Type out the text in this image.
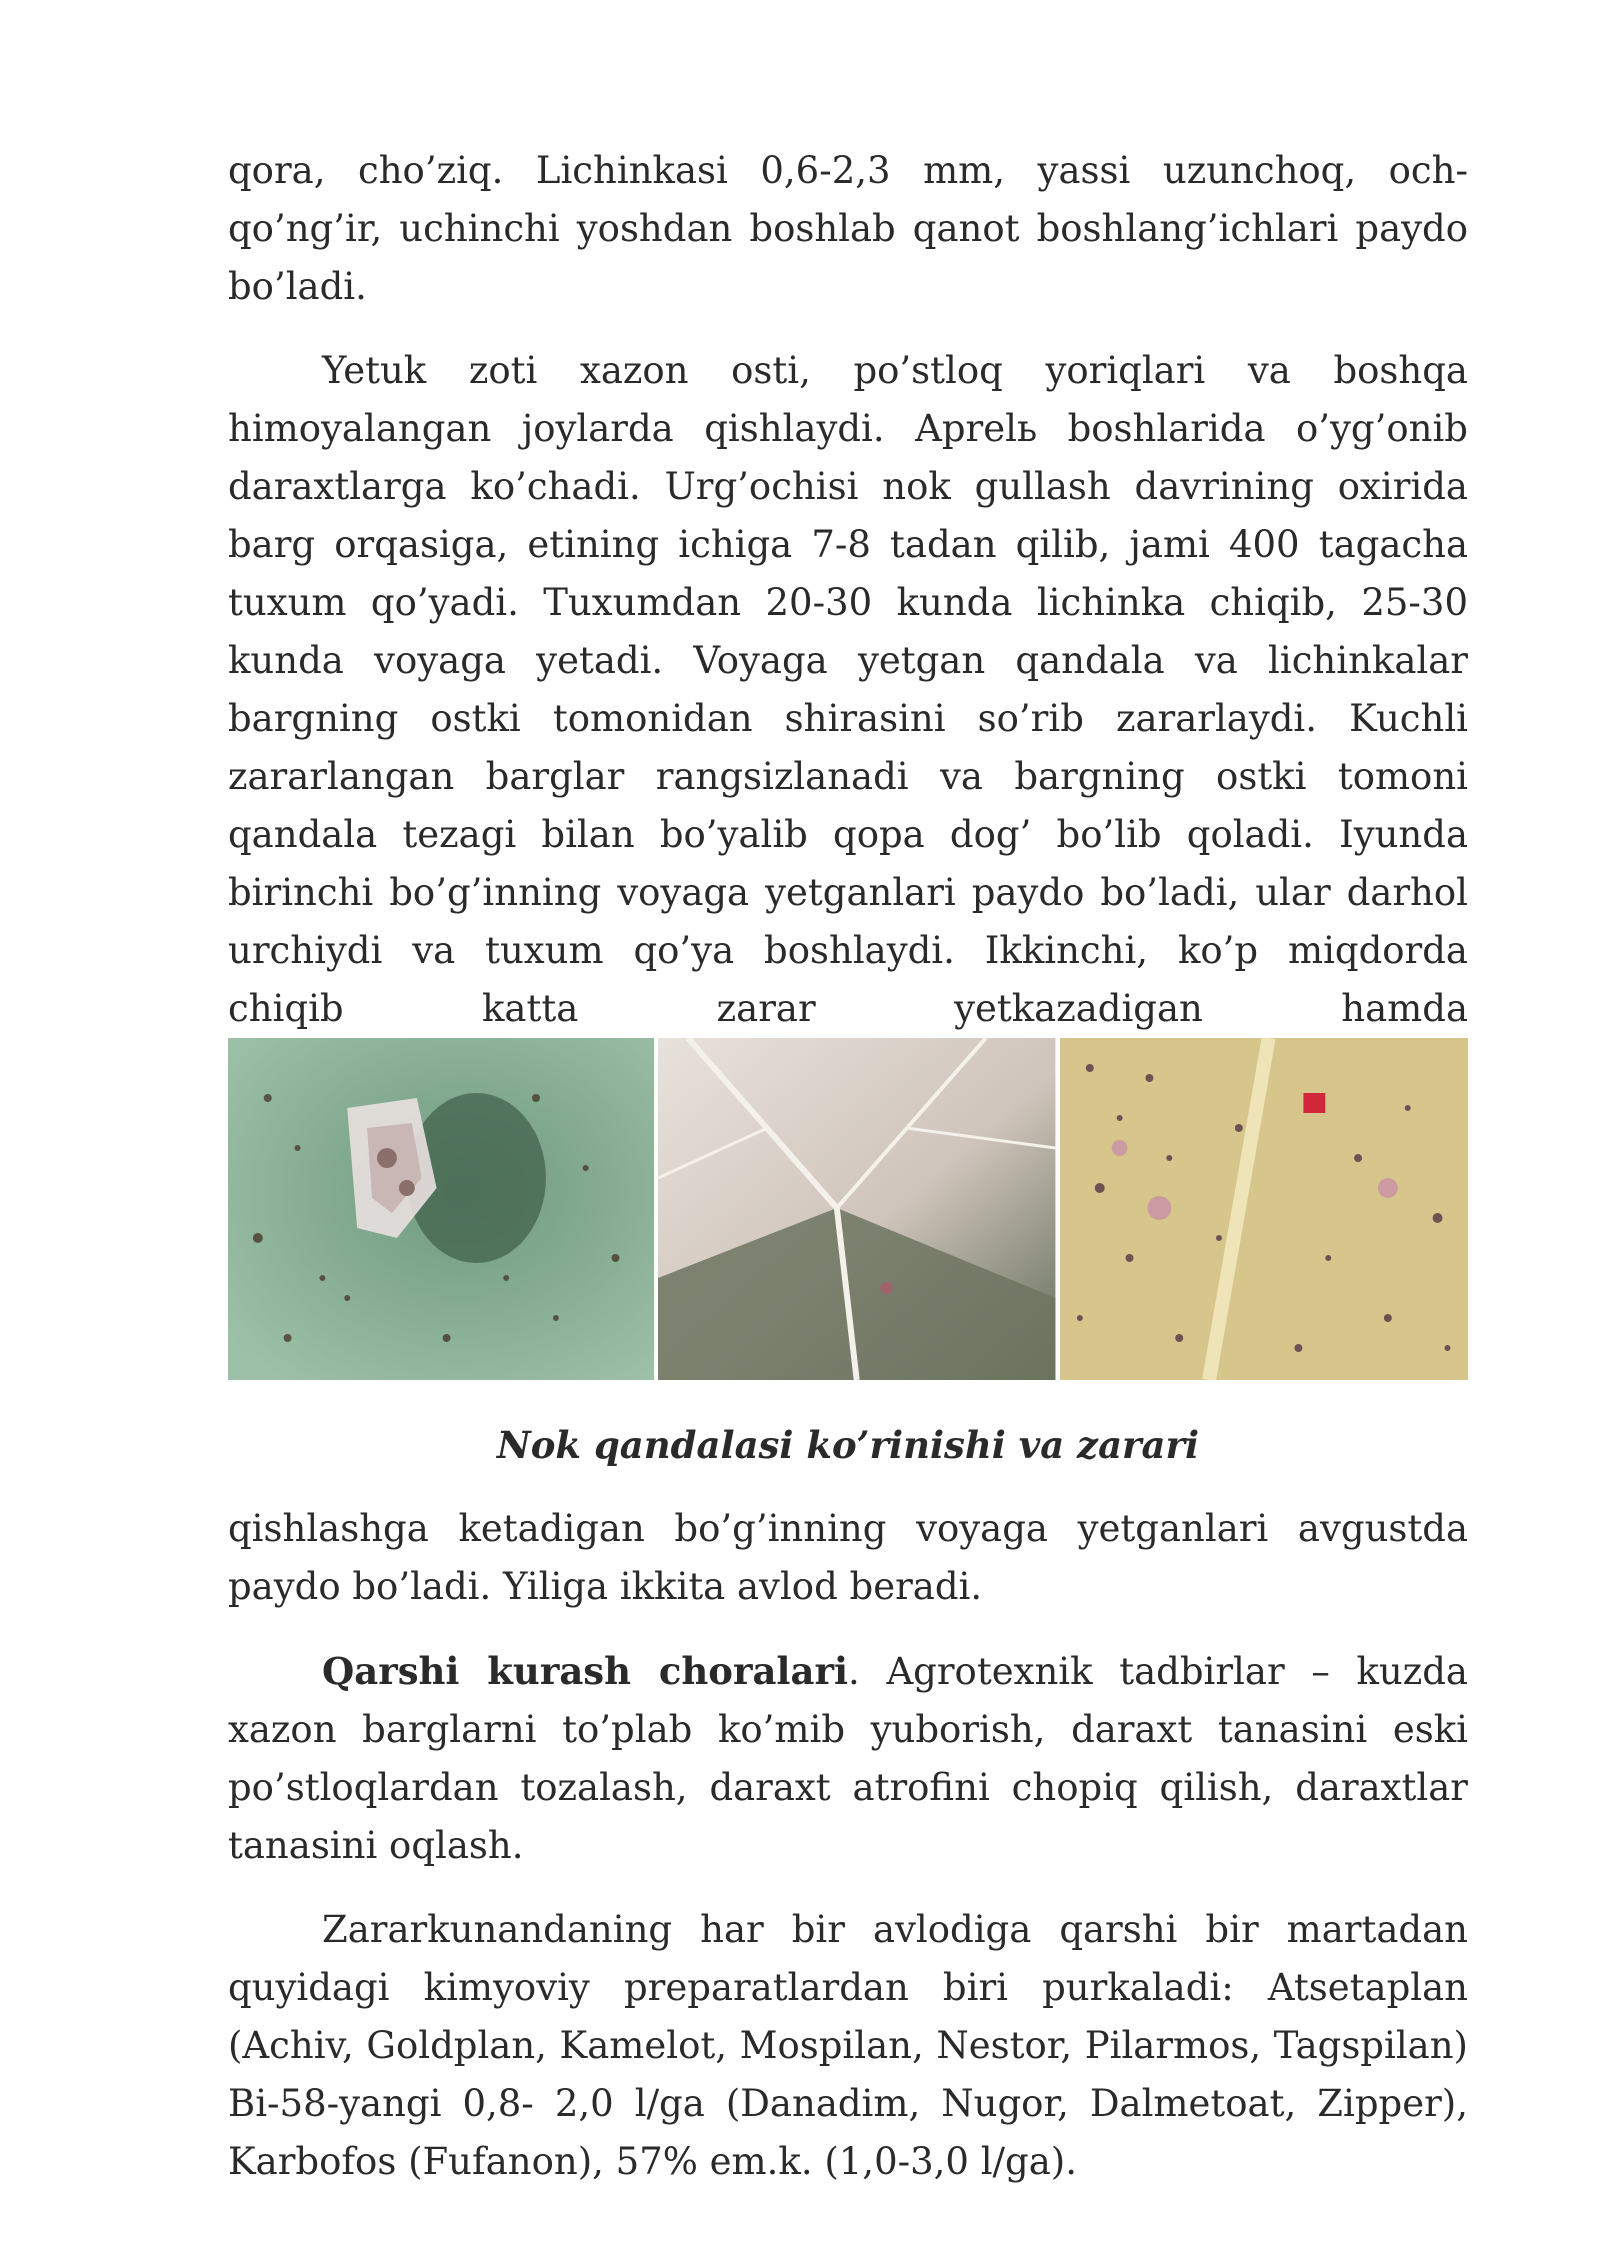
qora, cho’ziq. Lichinkasi 0,6-2,3 mm, yassi uzunchoq, och-qo’ng’ir, uchinchi yoshdan boshlab qanot boshlang’ichlari paydo bo’ladi.

Yetuk zoti xazon osti, po’stloq yoriqlari va boshqa himoyalangan joylarda qishlaydi. Aprelь boshlarida o’yg’onib daraxtlarga ko’chadi. Urg’ochisi nok gullash davrining oxirida barg orqasiga, etining ichiga 7-8 tadan qilib, jami 400 tagacha tuxum qo’yadi. Tuxumdan 20-30 kunda lichinka chiqib, 25-30 kunda voyaga yetadi. Voyaga yetgan qandala va lichinkalar bargning ostki tomonidan shirasini so’rib zararlaydi. Kuchli zararlangan barglar rangsizlanadi va bargning ostki tomoni qandala tezagi bilan bo’yalib qopa dog’ bo’lib qoladi. Iyunda birinchi bo’g’inning voyaga yetganlari paydo bo’ladi, ular darhol urchiydi va tuxum qo’ya boshlaydi. Ikkinchi, ko’p miqdorda chiqib katta zarar yetkazadigan hamda

Nok qandalasi ko’rinishi va zarari

qishlashga ketadigan bo’g’inning voyaga yetganlari avgustda paydo bo’ladi. Yiliga ikkita avlod beradi.

Qarshi kurash choralari. Agrotexnik tadbirlar – kuzda xazon barglarni to’plab ko’mib yuborish, daraxt tanasini eski po’stloqlardan tozalash, daraxt atrofini chopiq qilish, daraxtlar tanasini oqlash.

Zararkunandaning har bir avlodiga qarshi bir martadan quyidagi kimyoviy preparatlardan biri purkaladi: Atsetaplan (Achiv, Goldplan, Kamelot, Mospilan, Nestor, Pilarmos, Tagspilan) Bi-58-yangi 0,8- 2,0 l/ga (Danadim, Nugor, Dalmetoat, Zipper), Karbofos (Fufanon), 57% em.k. (1,0-3,0 l/ga).
